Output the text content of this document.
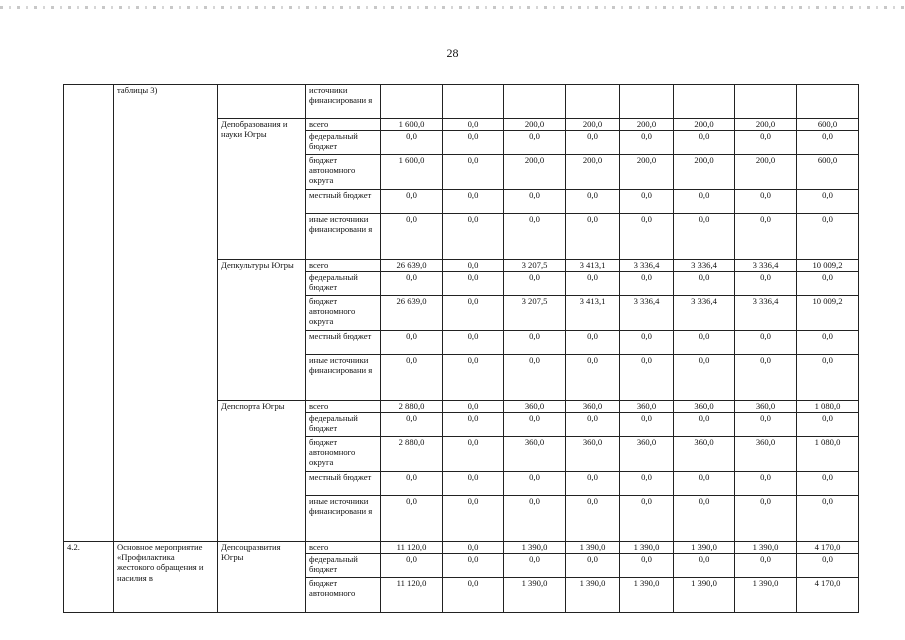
28
	таблицы 3)		источники финансировани я								
		Депобразования и науки Югры	всего	1 600,0	0,0	200,0	200,0	200,0	200,0	200,0	600,0
			федеральный бюджет	0,0	0,0	0,0	0,0	0,0	0,0	0,0	0,0
			бюджет автономного округа	1 600,0	0,0	200,0	200,0	200,0	200,0	200,0	600,0
			местный бюджет	0,0	0,0	0,0	0,0	0,0	0,0	0,0	0,0
			иные источники финансировани я	0,0	0,0	0,0	0,0	0,0	0,0	0,0	0,0
		Депкультуры Югры	всего	26 639,0	0,0	3 207,5	3 413,1	3 336,4	3 336,4	3 336,4	10 009,2
			федеральный бюджет	0,0	0,0	0,0	0,0	0,0	0,0	0,0	0,0
			бюджет автономного округа	26 639,0	0,0	3 207,5	3 413,1	3 336,4	3 336,4	3 336,4	10 009,2
			местный бюджет	0,0	0,0	0,0	0,0	0,0	0,0	0,0	0,0
			иные источники финансировани я	0,0	0,0	0,0	0,0	0,0	0,0	0,0	0,0
		Депспорта Югры	всего	2 880,0	0,0	360,0	360,0	360,0	360,0	360,0	1 080,0
			федеральный бюджет	0,0	0,0	0,0	0,0	0,0	0,0	0,0	0,0
			бюджет автономного округа	2 880,0	0,0	360,0	360,0	360,0	360,0	360,0	1 080,0
			местный бюджет	0,0	0,0	0,0	0,0	0,0	0,0	0,0	0,0
			иные источники финансировани я	0,0	0,0	0,0	0,0	0,0	0,0	0,0	0,0
4.2.	Основное мероприятие «Профилактика жестокого обращения и насилия в	Депсоцразвития Югры	всего	11 120,0	0,0	1 390,0	1 390,0	1 390,0	1 390,0	1 390,0	4 170,0
			федеральный бюджет	0,0	0,0	0,0	0,0	0,0	0,0	0,0	0,0
			бюджет автономного	11 120,0	0,0	1 390,0	1 390,0	1 390,0	1 390,0	1 390,0	4 170,0
